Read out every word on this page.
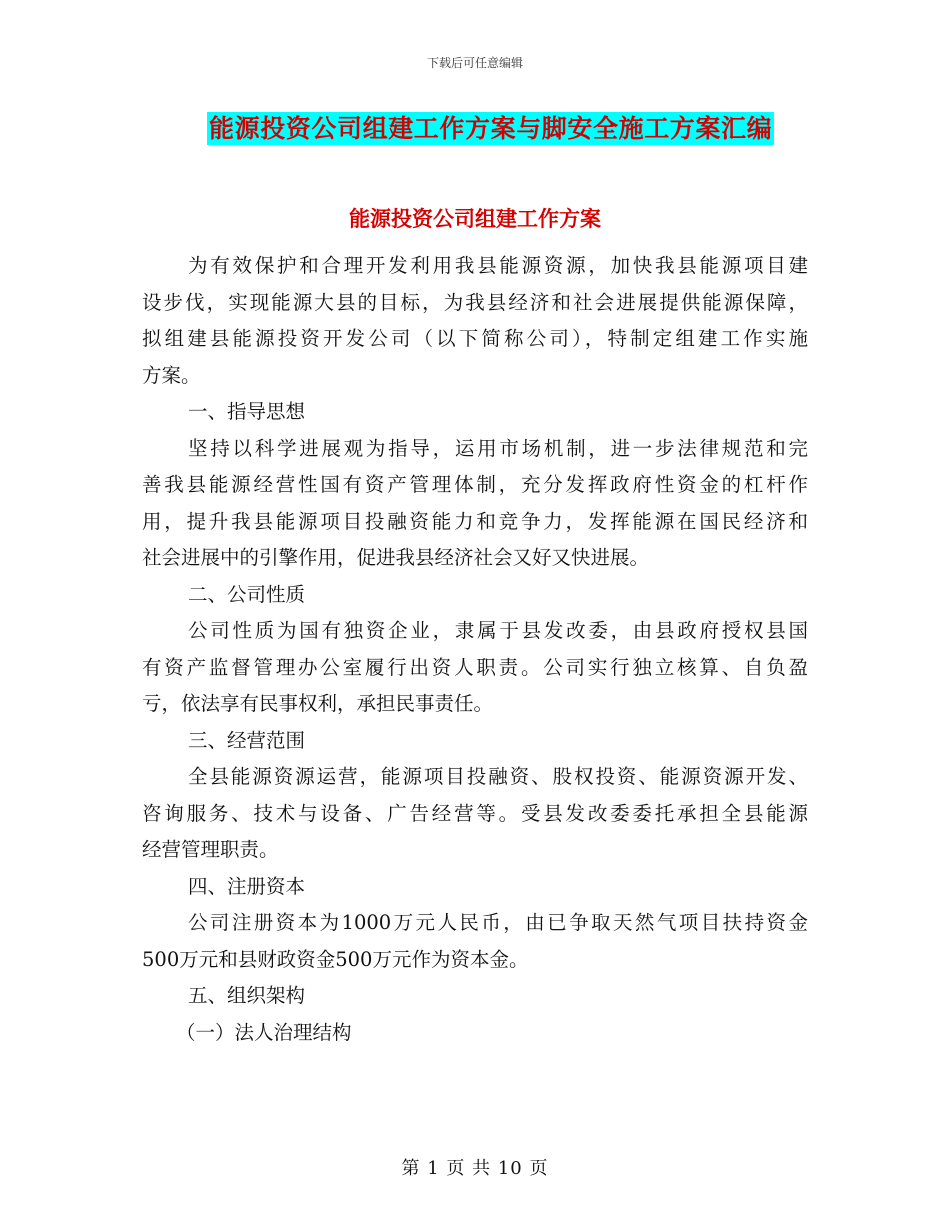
下载后可任意编辑
能源投资公司组建工作方案与脚安全施工方案汇编
能源投资公司组建工作方案
为有效保护和合理开发利用我县能源资源，加快我县能源项目建
设步伐，实现能源大县的目标，为我县经济和社会进展提供能源保障，
拟组建县能源投资开发公司（以下简称公司），特制定组建工作实施
方案。
一、指导思想
坚持以科学进展观为指导，运用市场机制，进一步法律规范和完
善我县能源经营性国有资产管理体制，充分发挥政府性资金的杠杆作
用，提升我县能源项目投融资能力和竞争力，发挥能源在国民经济和
社会进展中的引擎作用，促进我县经济社会又好又快进展。
二、公司性质
公司性质为国有独资企业，隶属于县发改委，由县政府授权县国
有资产监督管理办公室履行出资人职责。公司实行独立核算、自负盈
亏，依法享有民事权利，承担民事责任。
三、经营范围
全县能源资源运营，能源项目投融资、股权投资、能源资源开发、
咨询服务、技术与设备、广告经营等。受县发改委委托承担全县能源
经营管理职责。
四、注册资本
公司注册资本为1000万元人民币，由已争取天然气项目扶持资金
500万元和县财政资金500万元作为资本金。
五、组织架构
（一）法人治理结构
第 1 页 共 10 页
